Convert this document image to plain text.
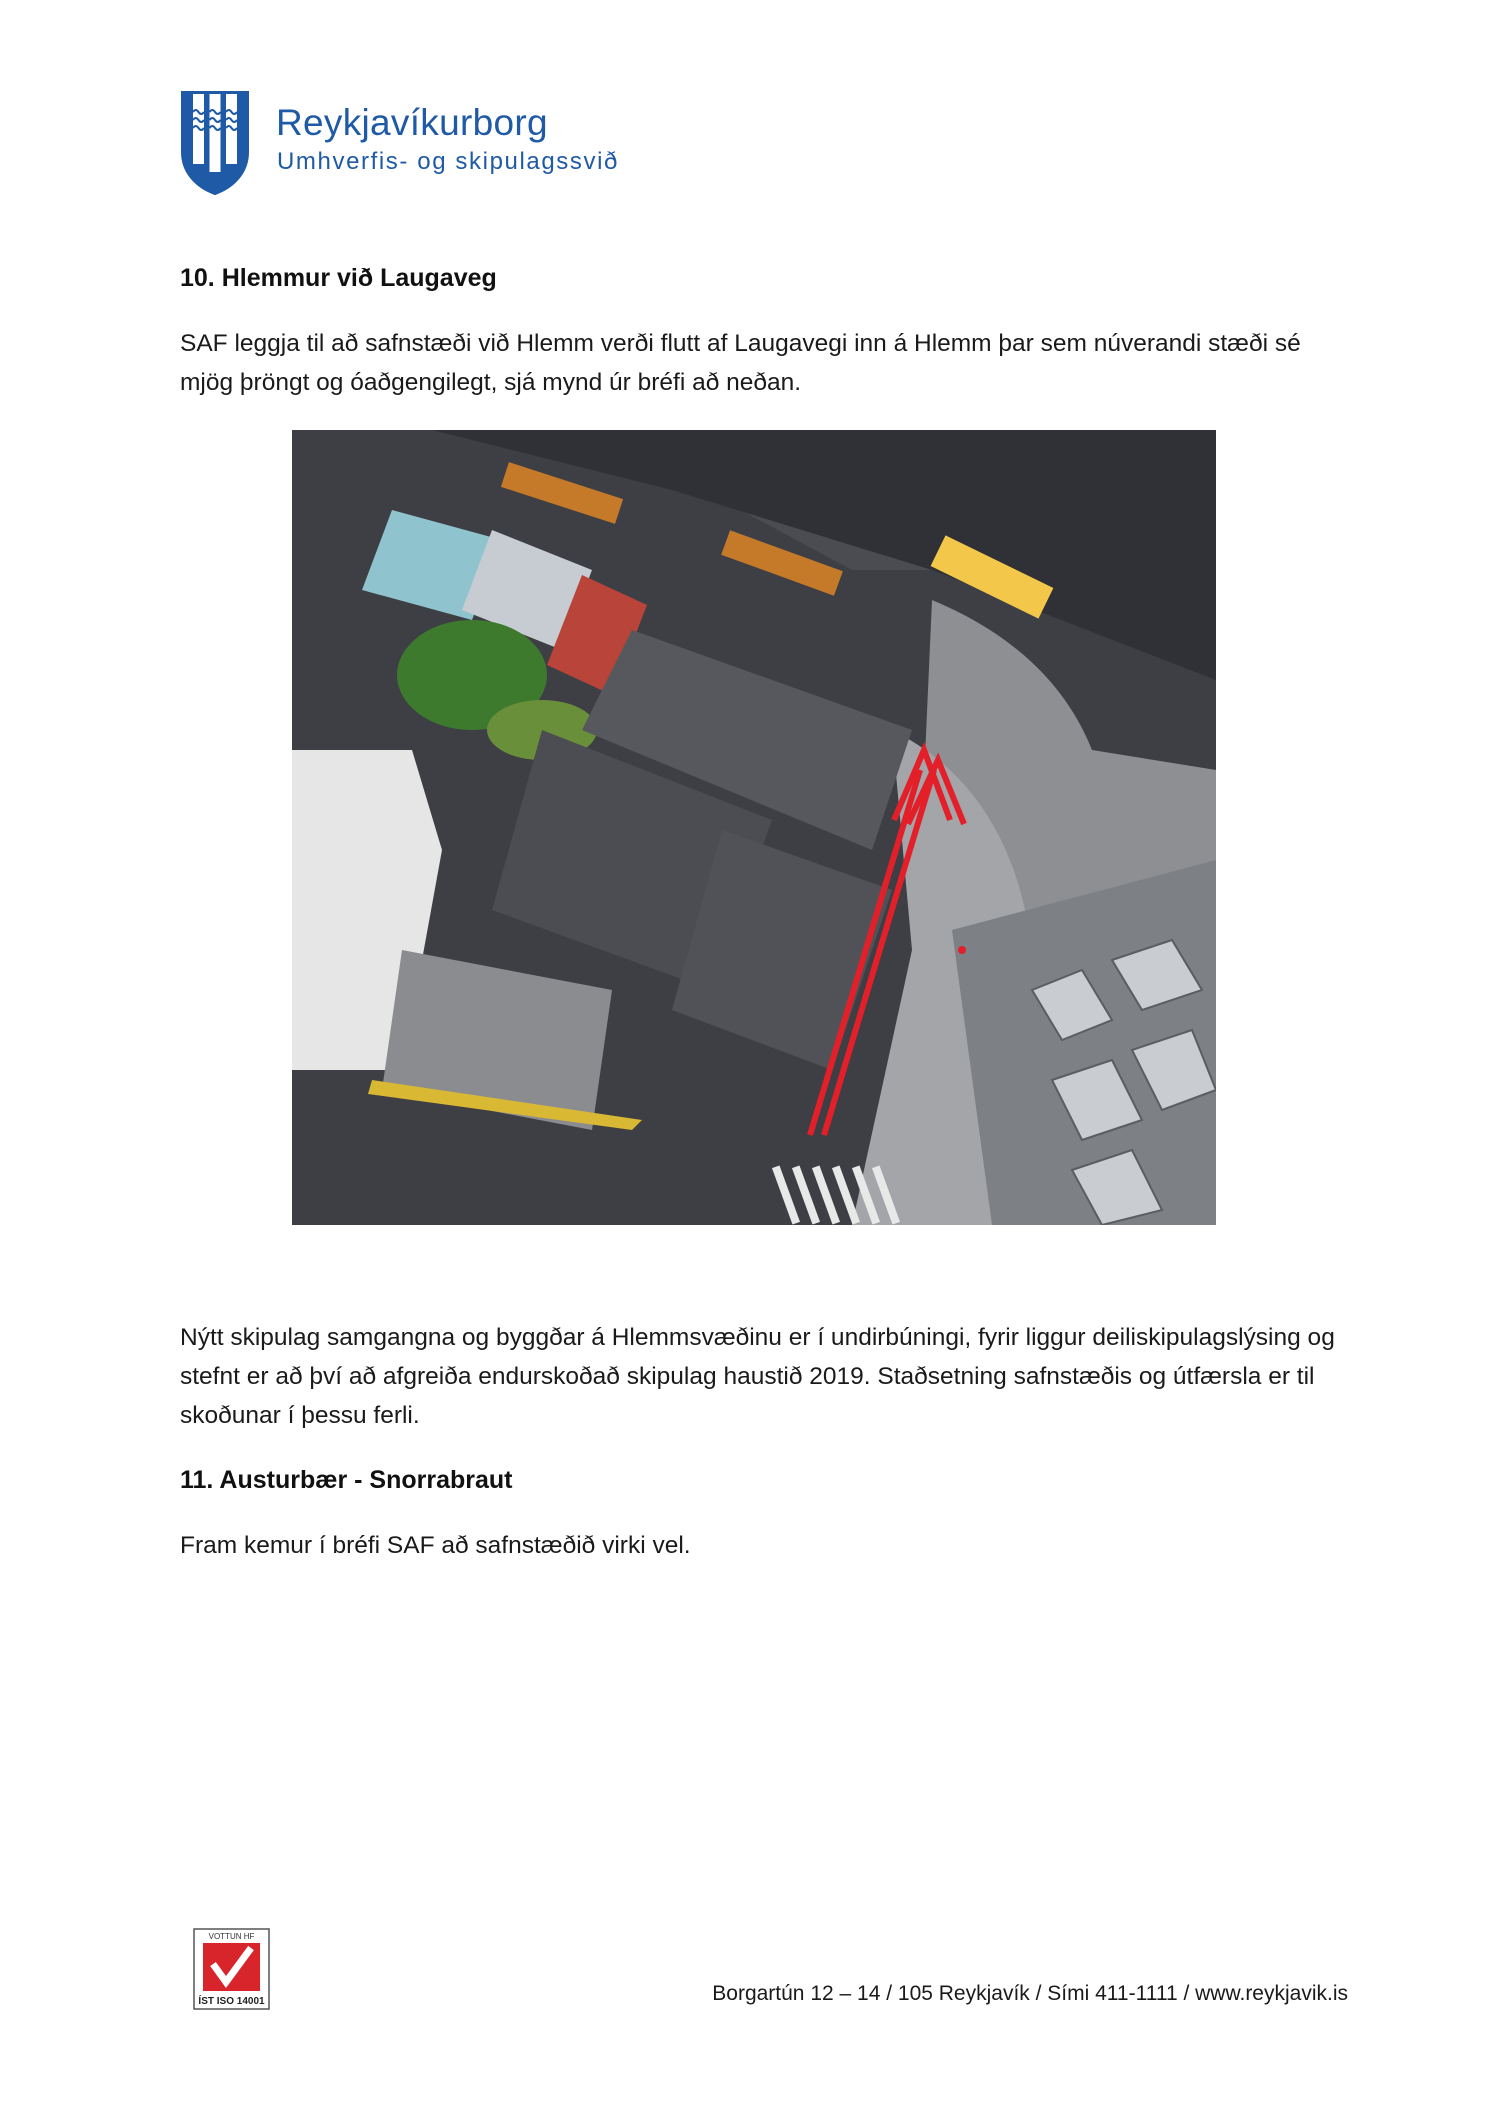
Reykjavíkurborg
Umhverfis- og skipulagssvið
10. Hlemmur við Laugaveg
SAF leggja til að safnstæði við Hlemm verði flutt af Laugavegi inn á Hlemm þar sem núverandi stæði sé mjög þröngt og óaðgengilegt, sjá mynd úr bréfi að neðan.
Nýtt skipulag samgangna og byggðar á Hlemmsvæðinu er í undirbúningi, fyrir liggur deiliskipulagslýsing og stefnt er að því að afgreiða endurskoðað skipulag haustið 2019. Staðsetning safnstæðis og útfærsla er til skoðunar í þessu ferli.
11. Austurbær - Snorrabraut
Fram kemur í bréfi SAF að safnstæðið virki vel.
VOTTUN HF
ÍST ISO 14001	Borgartún 12 – 14 / 105 Reykjavík / Sími 411-1111 / www.reykjavik.is
